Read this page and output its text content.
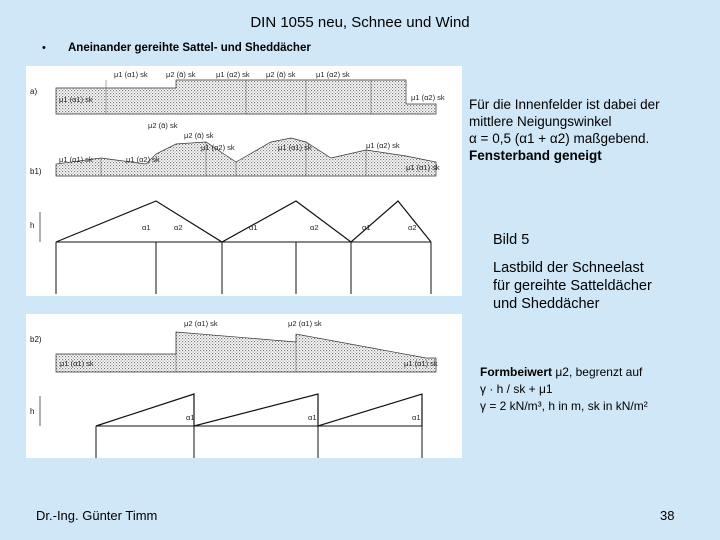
DIN 1055 neu, Schnee und Wind
• Aneinander gereihte Sattel- und Sheddächer
a)
μ1 (α1) sk
μ2 (ᾱ) sk	μ1 (α2) sk μ2 (ᾱ) sk	μ1 (α2) sk
μ1 (α1) sk
μ1 (α2) sk
b1)
μ2 (ᾱ) sk
μ2 (ᾱ) sk
μ1 (α1) sk
μ1 (α2) sk	μ1 (α1) sk	μ1 (α2) sk
μ1 (α1) sk
μ1 (α2) sk
h	α1	α2	α1	α2	α1	α2
b2)
μ2 (α1) sk	μ2 (α1) sk
μ1 (α1) sk	μ1 (α1) sk
h
α1	α1	α1
Für die Innenfelder ist dabei der
mittlere Neigungswinkel
α = 0,5 (α1 + α2) maßgebend.
Fensterband geneigt
Bild 5
Lastbild der Schneelast
für gereihte Satteldächer
und Sheddächer
Formbeiwert μ2, begrenzt auf
γ · h / sk + μ1
γ = 2 kN/m³, h in m, sk in kN/m²
Dr.-Ing. Günter Timm	38
